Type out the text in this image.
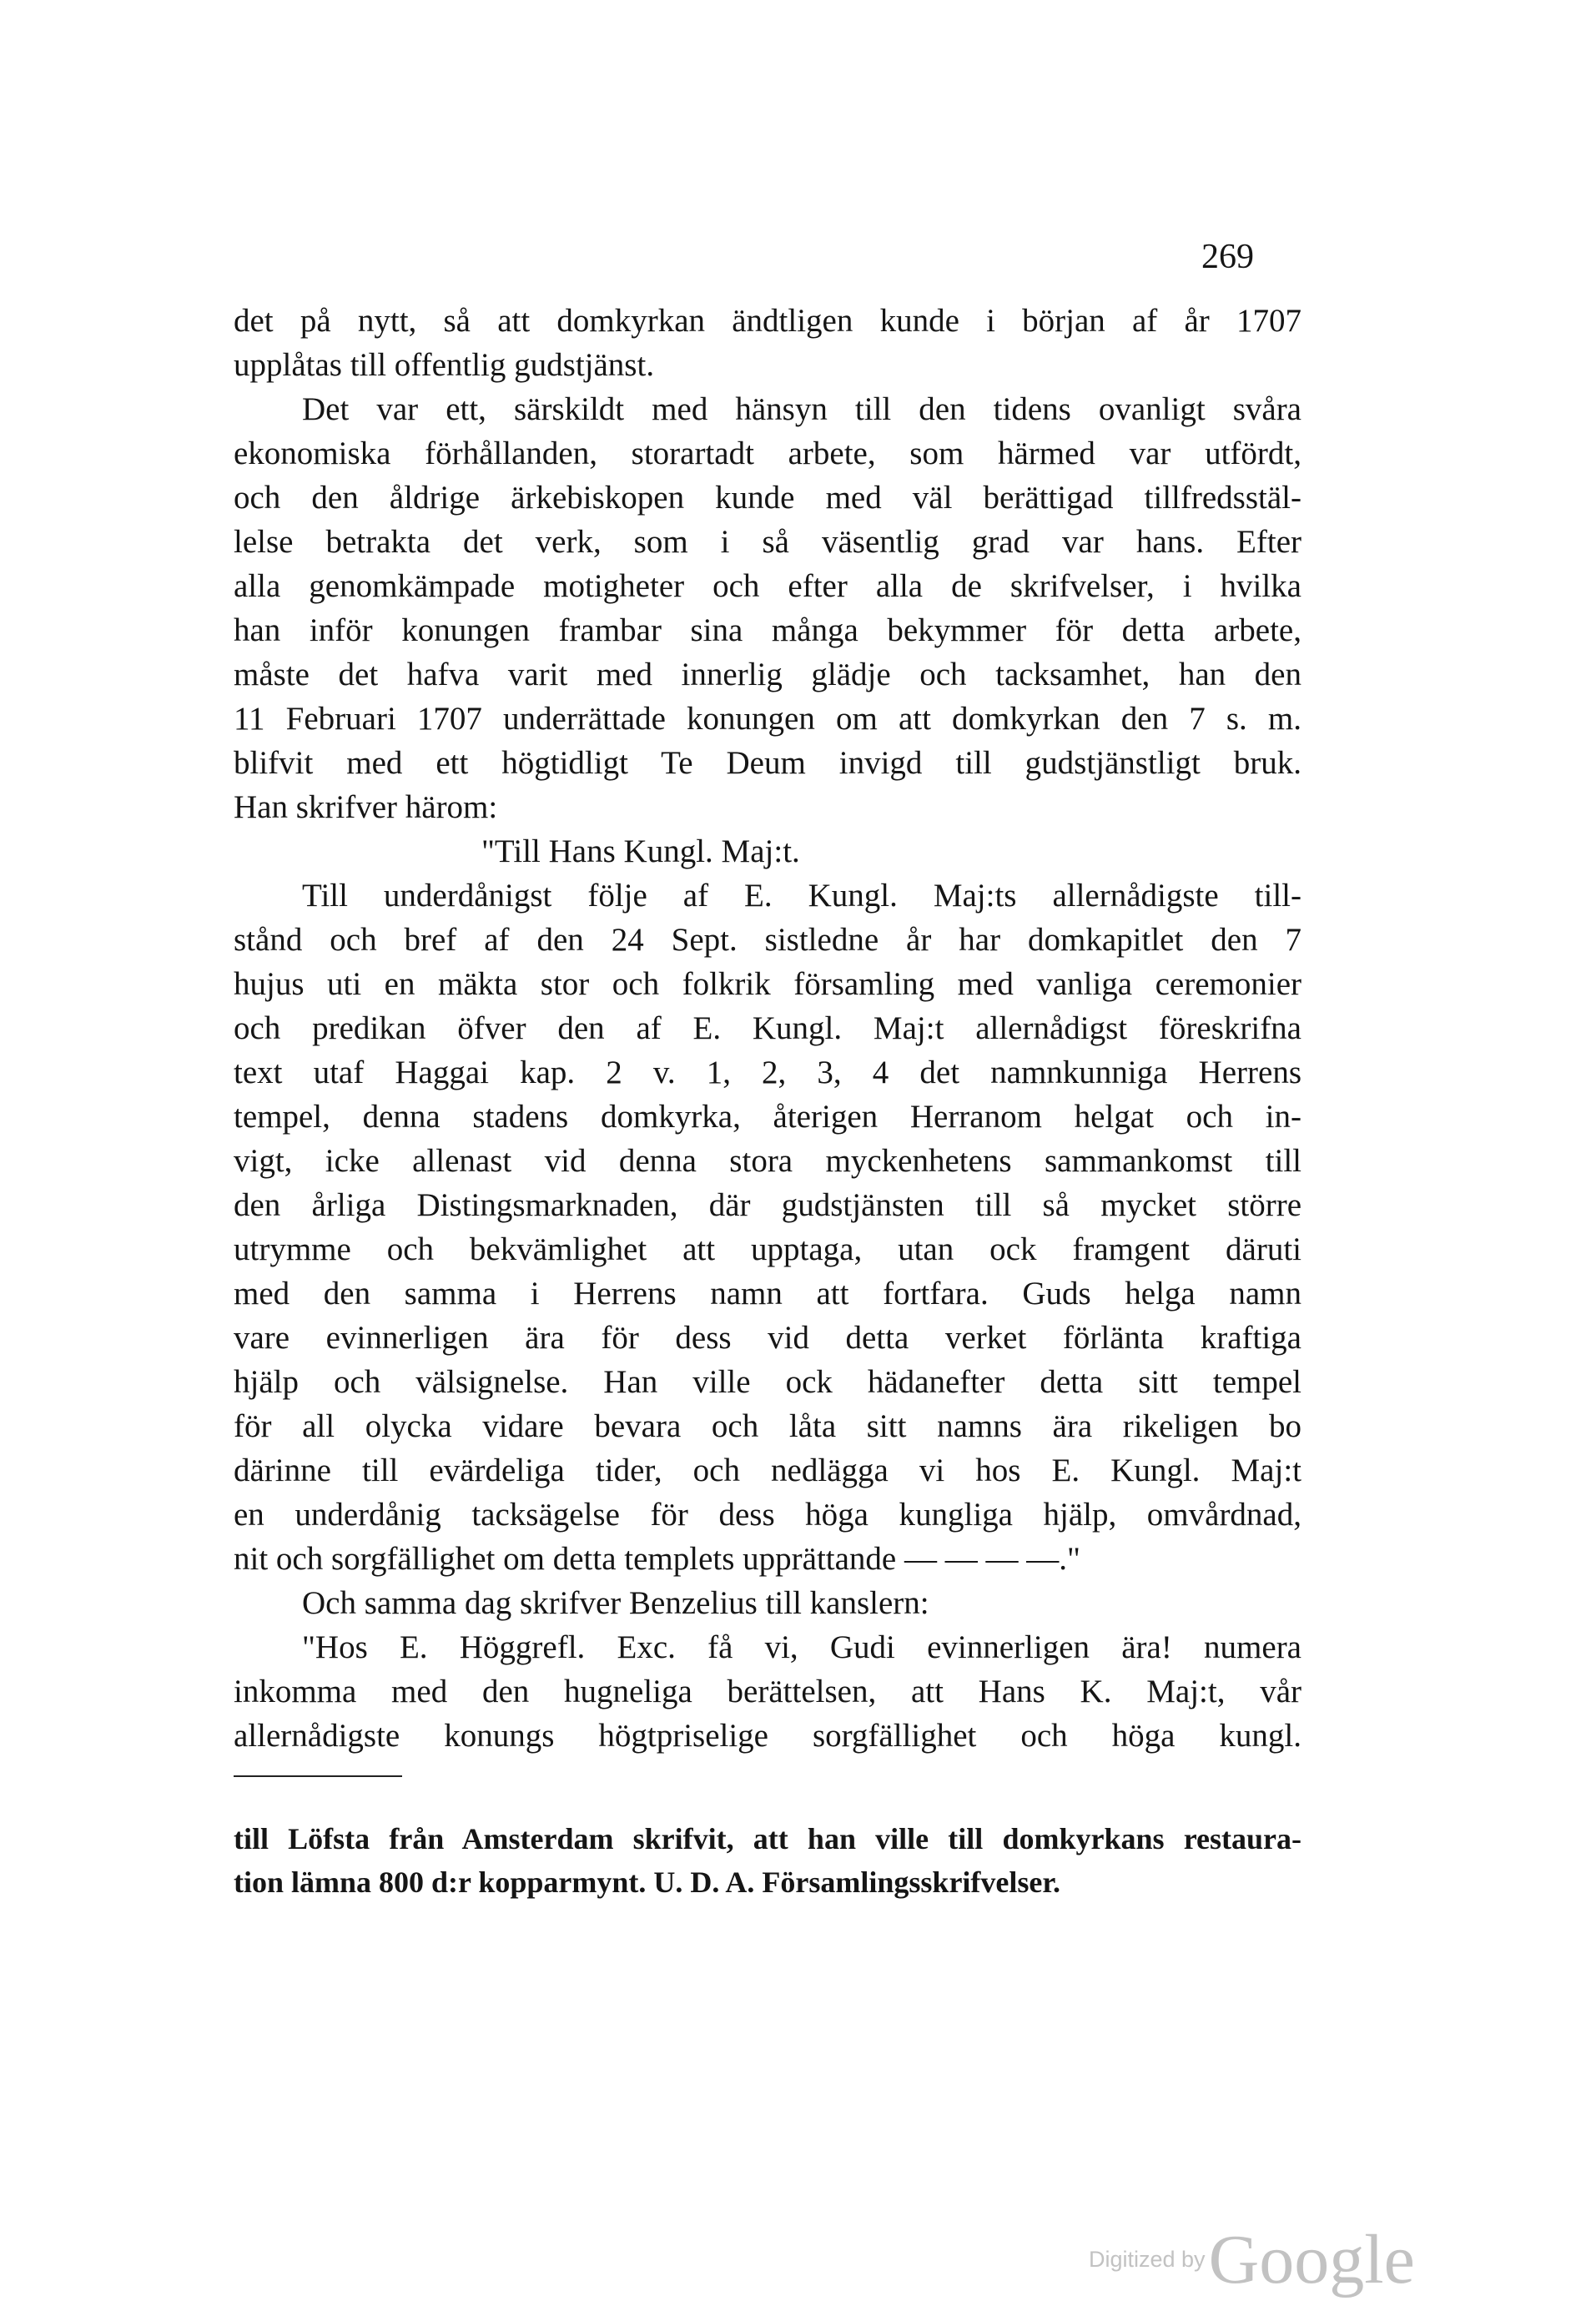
269
det på nytt, så att domkyrkan ändtligen kunde i början af år 1707
upplåtas till offentlig gudstjänst.
Det var ett, särskildt med hänsyn till den tidens ovanligt svåra
ekonomiska förhållanden, storartadt arbete, som härmed var utfördt,
och den åldrige ärkebiskopen kunde med väl berättigad tillfredsstäl-
lelse betrakta det verk, som i så väsentlig grad var hans. Efter
alla genomkämpade motigheter och efter alla de skrifvelser, i hvilka
han inför konungen frambar sina många bekymmer för detta arbete,
måste det hafva varit med innerlig glädje och tacksamhet, han den
11 Februari 1707 underrättade konungen om att domkyrkan den 7 s. m.
blifvit med ett högtidligt Te Deum invigd till gudstjänstligt bruk.
Han skrifver härom:
"Till Hans Kungl. Maj:t.
Till underdånigst följe af E. Kungl. Maj:ts allernådigste till-
stånd och bref af den 24 Sept. sistledne år har domkapitlet den 7
hujus uti en mäkta stor och folkrik församling med vanliga ceremonier
och predikan öfver den af E. Kungl. Maj:t allernådigst föreskrifna
text utaf Haggai kap. 2 v. 1, 2, 3, 4 det namnkunniga Herrens
tempel, denna stadens domkyrka, återigen Herranom helgat och in-
vigt, icke allenast vid denna stora myckenhetens sammankomst till
den årliga Distingsmarknaden, där gudstjänsten till så mycket större
utrymme och bekvämlighet att upptaga, utan ock framgent däruti
med den samma i Herrens namn att fortfara. Guds helga namn
vare evinnerligen ära för dess vid detta verket förlänta kraftiga
hjälp och välsignelse. Han ville ock hädanefter detta sitt tempel
för all olycka vidare bevara och låta sitt namns ära rikeligen bo
därinne till evärdeliga tider, och nedlägga vi hos E. Kungl. Maj:t
en underdånig tacksägelse för dess höga kungliga hjälp, omvårdnad,
nit och sorgfällighet om detta templets upprättande — — — —."
Och samma dag skrifver Benzelius till kanslern:
"Hos E. Höggrefl. Exc. få vi, Gudi evinnerligen ära! numera
inkomma med den hugneliga berättelsen, att Hans K. Maj:t, vår
allernådigste konungs högtpriselige sorgfällighet och höga kungl.
till Löfsta från Amsterdam skrifvit, att han ville till domkyrkans restaura-
tion lämna 800 d:r kopparmynt. U. D. A. Församlingsskrifvelser.
Digitized by Google
